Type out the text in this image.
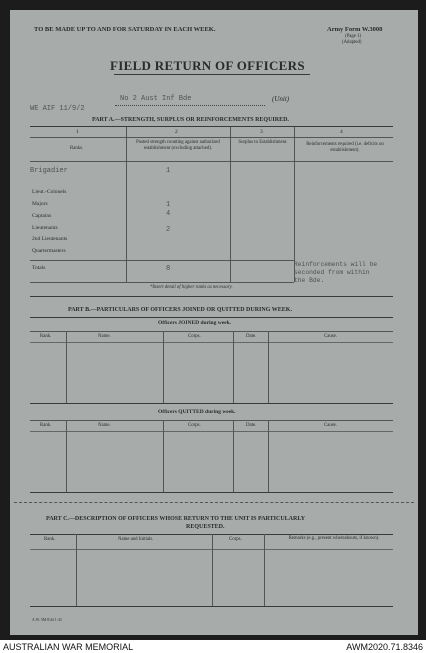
TO BE MADE UP TO AND FOR SATURDAY IN EACH WEEK.	Army Form W.3008
(Page 1)
(Adapted)
FIELD RETURN OF OFFICERS
No 2 Aust Inf Bde	(Unit)
WE AIF 11/9/2
PART A.—STRENGTH, SURPLUS OR REINFORCEMENTS REQUIRED.
1	2	3	4
Ranks.
Posted strength counting against authorized establishment (excluding attached).
Surplus to Establishment.	Reinforcements required (i.e. deficits on establishment).
Brigadier	1
Lieut.-Colonels
Majors	1
Captains	4
Lieutenants	2
2nd Lieutenants
Quartermasters
Totals	8
Reinforcements will be
seconded from within
the Bde.
*Insert detail of higher ranks as necessary.
PART B.—PARTICULARS OF OFFICERS JOINED OR QUITTED DURING WEEK.
Officers JOINED during week.
Rank.	Name.	Corps.	Date.	Cause.
Officers QUITTED during week.
Rank.	Name.	Corps.	Date.	Cause.
PART C.—DESCRIPTION OF OFFICERS WHOSE RETURN TO THE UNIT IS PARTICULARLY
REQUESTED.
Rank.	Name and Initials.	Corps.	Remarks (e.g., present whereabouts, if known).
A.W. 5M 8/44 1-43
AUSTRALIAN WAR MEMORIAL	AWM2020.71.8346
